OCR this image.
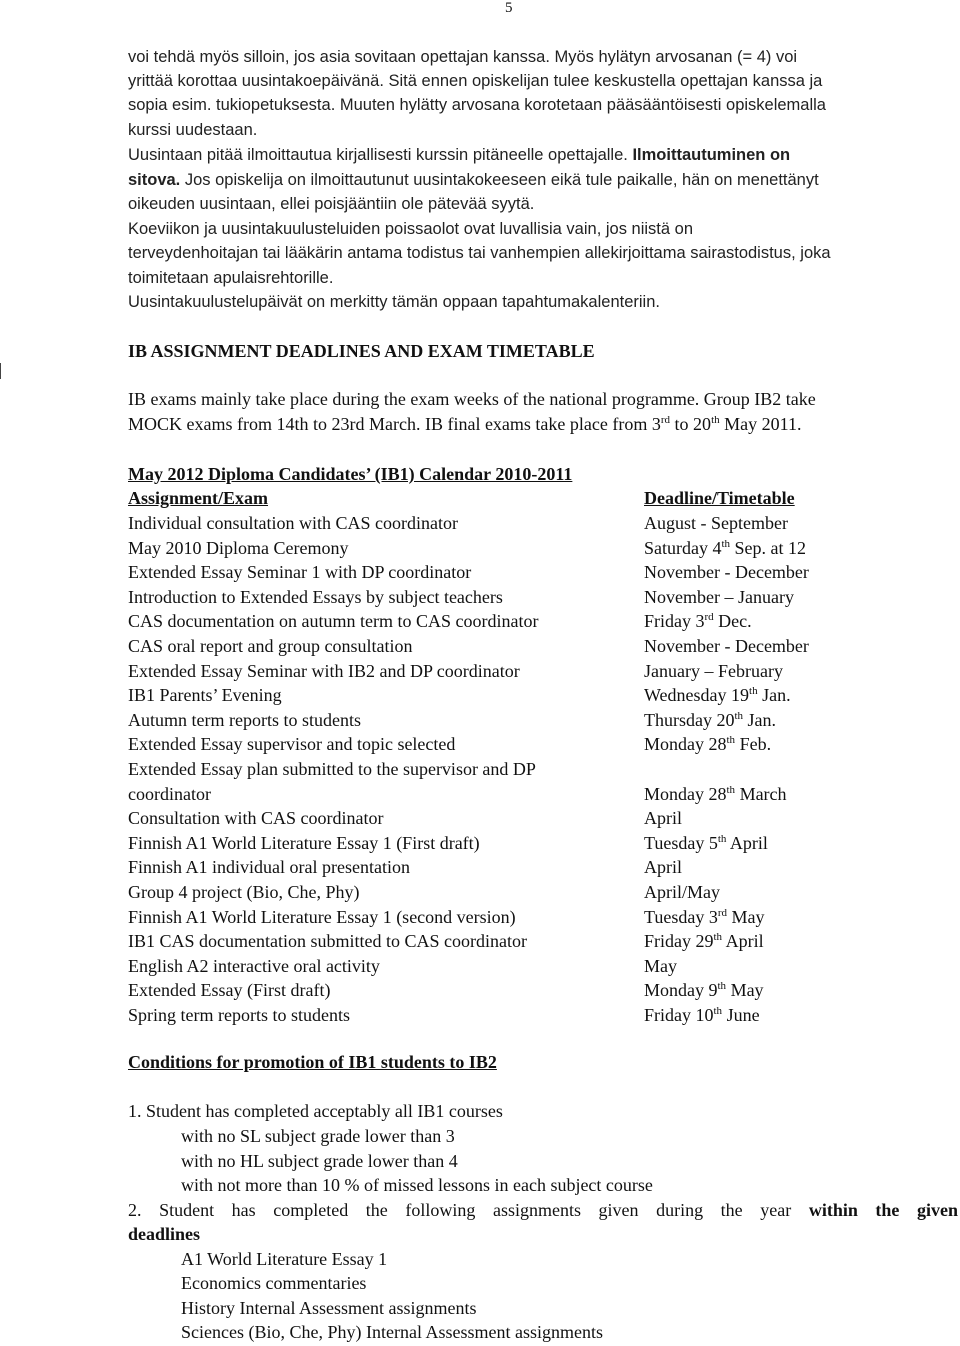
5
voi tehdä myös silloin, jos asia sovitaan opettajan kanssa. Myös hylätyn arvosanan (= 4) voi
yrittää korottaa uusintakoepäivänä. Sitä ennen opiskelijan tulee keskustella opettajan kanssa ja
sopia esim. tukiopetuksesta. Muuten hylätty arvosana korotetaan pääsääntöisesti opiskelemalla
kurssi uudestaan.
Uusintaan pitää ilmoittautua kirjallisesti kurssin pitäneelle opettajalle. Ilmoittautuminen on
sitova. Jos opiskelija on ilmoittautunut uusintakokeeseen eikä tule paikalle, hän on menettänyt
oikeuden uusintaan, ellei poisjääntiin ole pätevää syytä.
Koeviikon ja uusintakuulusteluiden poissaolot ovat luvallisia vain, jos niistä on
terveydenhoitajan tai lääkärin antama todistus tai vanhempien allekirjoittama sairastodistus, joka
toimitetaan apulaisrehtorille.
Uusintakuulustelupäivät on merkitty tämän oppaan tapahtumakalenteriin.
IB ASSIGNMENT DEADLINES AND EXAM TIMETABLE
IB exams mainly take place during the exam weeks of the national programme. Group IB2 take
MOCK exams from 14th to 23rd March. IB final exams take place from 3rd to 20th May 2011.
May 2012 Diploma Candidates’ (IB1) Calendar 2010-2011
Assignment/Exam	Deadline/Timetable
Individual consultation with CAS coordinator	August - September
May 2010 Diploma Ceremony	Saturday 4th Sep. at 12
Extended Essay Seminar 1 with DP coordinator	November - December
Introduction to Extended Essays by subject teachers	November – January
CAS documentation on autumn term to CAS coordinator	Friday 3rd Dec.
CAS oral report and group consultation	November - December
Extended Essay Seminar with IB2 and DP coordinator	January – February
IB1 Parents’ Evening	Wednesday 19th Jan.
Autumn term reports to students	Thursday 20th Jan.
Extended Essay supervisor and topic selected	Monday 28th Feb.
Extended Essay plan submitted to the supervisor and DP
coordinator	Monday 28th March
Consultation with CAS coordinator	April
Finnish A1 World Literature Essay 1 (First draft)	Tuesday 5th April
Finnish A1 individual oral presentation	April
Group 4 project (Bio, Che, Phy)	April/May
Finnish A1 World Literature Essay 1 (second version)	Tuesday 3rd May
IB1 CAS documentation submitted to CAS coordinator	Friday 29th April
English A2 interactive oral activity	May
Extended Essay (First draft)	Monday 9th May
Spring term reports to students	Friday 10th June
Conditions for promotion of IB1 students to IB2
1. Student has completed acceptably all IB1 courses
with no SL subject grade lower than 3
with no HL subject grade lower than 4
with not more than 10 % of missed lessons in each subject course
2. Student has completed the following assignments given during the year within the given
deadlines
A1 World Literature Essay 1
Economics commentaries
History Internal Assessment assignments
Sciences (Bio, Che, Phy) Internal Assessment assignments
